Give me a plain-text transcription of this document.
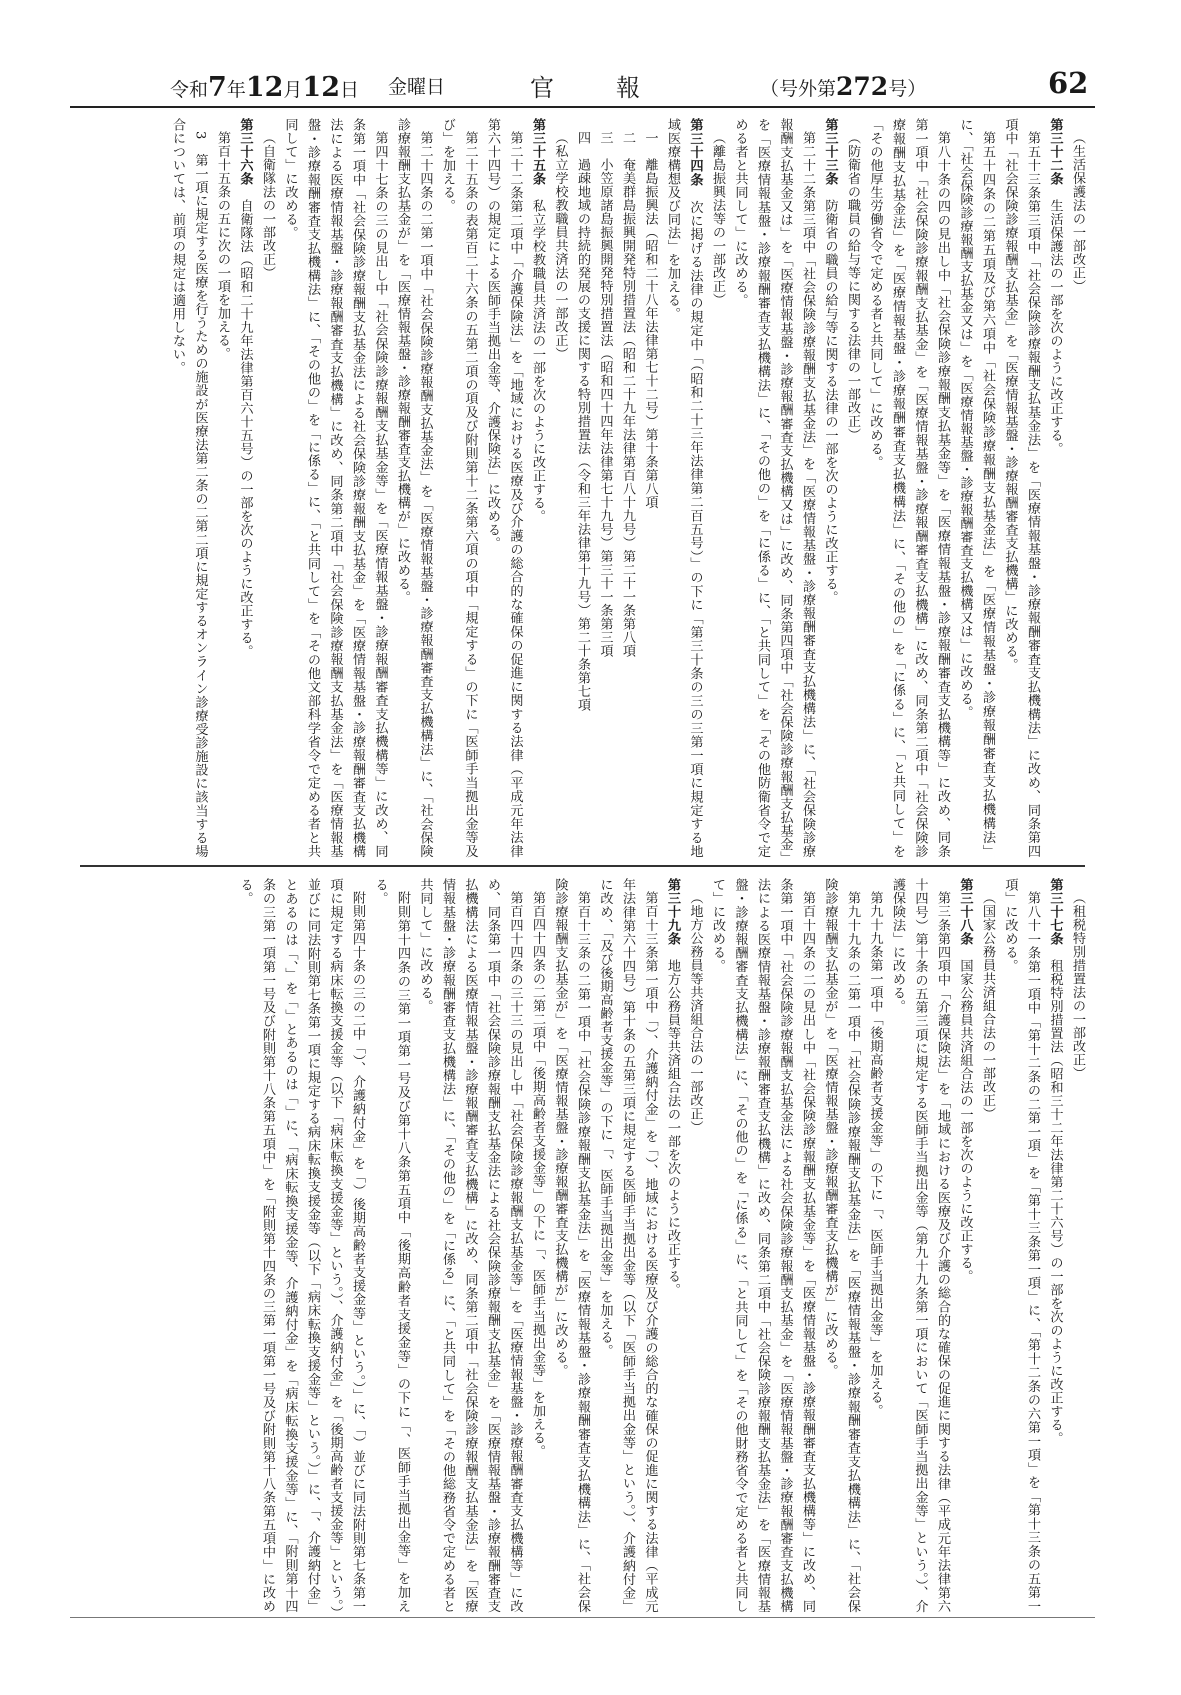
令和7年12月12日 金曜日	官報	（号外第272号）	62

（生活保護法の一部改正）

第三十二条　生活保護法の一部を次のように改正する。

第五十三条第三項中「社会保険診療報酬支払基金法」を「医療情報基盤・診療報酬審査支払機構法」に改め、同条第四項中「社会保険診療報酬支払基金」を「医療情報基盤・診療報酬審査支払機構」に改める。

第五十四条の二第五項及び第六項中「社会保険診療報酬支払基金法」を「医療情報基盤・診療報酬審査支払機構法」に、「社会保険診療報酬支払基金又は」を「医療情報基盤・診療報酬審査支払機構又は」に改める。

第八十条の四の見出し中「社会保険診療報酬支払基金等」を「医療情報基盤・診療報酬審査支払機構等」に改め、同条第一項中「社会保険診療報酬支払基金」を「医療情報基盤・診療報酬審査支払機構」に改め、同条第二項中「社会保険診療報酬支払基金法」を「医療情報基盤・診療報酬審査支払機構法」に、「その他の」を「に係る」に、「と共同して」を「その他厚生労働省令で定める者と共同して」に改める。

（防衛省の職員の給与等に関する法律の一部改正）

第三十三条　防衛省の職員の給与等に関する法律の一部を次のように改正する。

第二十二条第三項中「社会保険診療報酬支払基金法」を「医療情報基盤・診療報酬審査支払機構法」に、「社会保険診療報酬支払基金又は」を「医療情報基盤・診療報酬審査支払機構又は」に改め、同条第四項中「社会保険診療報酬支払基金」を「医療情報基盤・診療報酬審査支払機構法」に、「その他の」を「に係る」に、「と共同して」を「その他防衛省令で定める者と共同して」に改める。

（離島振興法等の一部改正）

第三十四条　次に掲げる法律の規定中「（昭和二十三年法律第二百五号）」の下に「第三十条の三の三第一項に規定する地域医療構想及び同法」を加える。

一　離島振興法（昭和二十八年法律第七十二号）第十条第八項

二　奄美群島振興開発特別措置法（昭和二十九年法律第百八十九号）第二十一条第八項

三　小笠原諸島振興開発特別措置法（昭和四十四年法律第七十九号）第三十一条第三項

四　過疎地域の持続的発展の支援に関する特別措置法（令和三年法律第十九号）第二十条第七項

（私立学校教職員共済法の一部改正）

第三十五条　私立学校教職員共済法の一部を次のように改正する。

第二十二条第二項中「介護保険法」を「地域における医療及び介護の総合的な確保の促進に関する法律（平成元年法律第六十四号）の規定による医師手当拠出金等、介護保険法」に改める。

第二十五条の表第百二十六条の五第二項の項及び附則第十二条第六項の項中「規定する」の下に「医師手当拠出金等及び」を加える。

第二十四条の二第一項中「社会保険診療報酬支払基金法」を「医療情報基盤・診療報酬審査支払機構法」に、「社会保険診療報酬支払基金が」を「医療情報基盤・診療報酬審査支払機構が」に改める。

第四十七条の三の見出し中「社会保険診療報酬支払基金等」を「医療情報基盤・診療報酬審査支払機構等」に改め、同条第一項中「社会保険診療報酬支払基金法による社会保険診療報酬支払基金」を「医療情報基盤・診療報酬審査支払機構法による医療情報基盤・診療報酬審査支払機構」に改め、同条第二項中「社会保険診療報酬支払基金法」を「医療情報基盤・診療報酬審査支払機構法」に、「その他の」を「に係る」に、「と共同して」を「その他文部科学省令で定める者と共同して」に改める。

（自衛隊法の一部改正）

第三十六条　自衛隊法（昭和二十九年法律第百六十五号）の一部を次のように改正する。

第百十五条の五に次の一項を加える。

3　第一項に規定する医療を行うための施設が医療法第二条の二第二項に規定するオンライン診療受診施設に該当する場合については、前項の規定は適用しない。

（租税特別措置法の一部改正）

第三十七条　租税特別措置法（昭和三十二年法律第二十六号）の一部を次のように改正する。

第八十一条第一項中「第十二条の二第一項」を「第十三条第一項」に、「第十二条の六第一項」を「第十三条の五第一項」に改める。

（国家公務員共済組合法の一部改正）

第三十八条　国家公務員共済組合法の一部を次のように改正する。

第三条第四項中「介護保険法」を「地域における医療及び介護の総合的な確保の促進に関する法律（平成元年法律第六十四号）第十条の五第三項に規定する医師手当拠出金等（第九十九条第一項において「医師手当拠出金等」という。）、介護保険法」に改める。

第九十九条第一項中「後期高齢者支援金等」の下に「、医師手当拠出金等」を加える。

第九十九条の二第一項中「社会保険診療報酬支払基金法」を「医療情報基盤・診療報酬審査支払機構法」に、「社会保険診療報酬支払基金が」を「医療情報基盤・診療報酬審査支払機構が」に改める。

第百十四条の二の見出し中「社会保険診療報酬支払基金等」を「医療情報基盤・診療報酬審査支払機構等」に改め、同条第一項中「社会保険診療報酬支払基金法による社会保険診療報酬支払基金」を「医療情報基盤・診療報酬審査支払機構法による医療情報基盤・診療報酬審査支払機構」に改め、同条第二項中「社会保険診療報酬支払基金法」を「医療情報基盤・診療報酬審査支払機構法」に、「その他の」を「に係る」に、「と共同して」を「その他財務省令で定める者と共同して」に改める。

（地方公務員等共済組合法の一部改正）

第三十九条　地方公務員等共済組合法の一部を次のように改正する。

第百十三条第一項中「）、介護納付金」を「）、地域における医療及び介護の総合的な確保の促進に関する法律（平成元年法律第六十四号）第十条の五第三項に規定する医師手当拠出金等（以下「医師手当拠出金等」という。）、介護納付金」に改め、「及び後期高齢者支援金等」の下に「、医師手当拠出金等」を加える。

第百十三条の二第一項中「社会保険診療報酬支払基金法」を「医療情報基盤・診療報酬審査支払機構法」に、「社会保険診療報酬支払基金が」を「医療情報基盤・診療報酬審査支払機構が」に改める。

第百四十四条の二第二項中「後期高齢者支援金等」の下に「、医師手当拠出金等」を加える。

第百四十四条の三十三の見出し中「社会保険診療報酬支払基金等」を「医療情報基盤・診療報酬審査支払機構等」に改め、同条第一項中「社会保険診療報酬支払基金法による社会保険診療報酬支払基金」を「医療情報基盤・診療報酬審査支払機構法による医療情報基盤・診療報酬審査支払機構」に改め、同条第二項中「社会保険診療報酬支払基金法」を「医療情報基盤・診療報酬審査支払機構法」に、「その他の」を「に係る」に、「と共同して」を「その他総務省令で定める者と共同して」に改める。

附則第十四条の三第一項第一号及び第十八条第五項中「後期高齢者支援金等」の下に「、医師手当拠出金等」を加える。

附則第四十条の三の二中「）、介護納付金」を「）後期高齢者支援金等」という。）」に、「）並びに同法附則第七条第一項に規定する病床転換支援金等（以下「病床転換支援金等」という。）、介護納付金」を「後期高齢者支援金等」という。）並びに同法附則第七条第一項に規定する病床転換支援金等（以下「病床転換支援金等」という。）」に、「、介護納付金」とあるのは「、」を「」とあるのは「」に、「病床転換支援金等、介護納付金」を「病床転換支援金等」に、「附則第十四条の三第一項第一号及び附則第十八条第五項中」を「附則第十四条の三第一項第一号及び附則第十八条第五項中」に改める。
